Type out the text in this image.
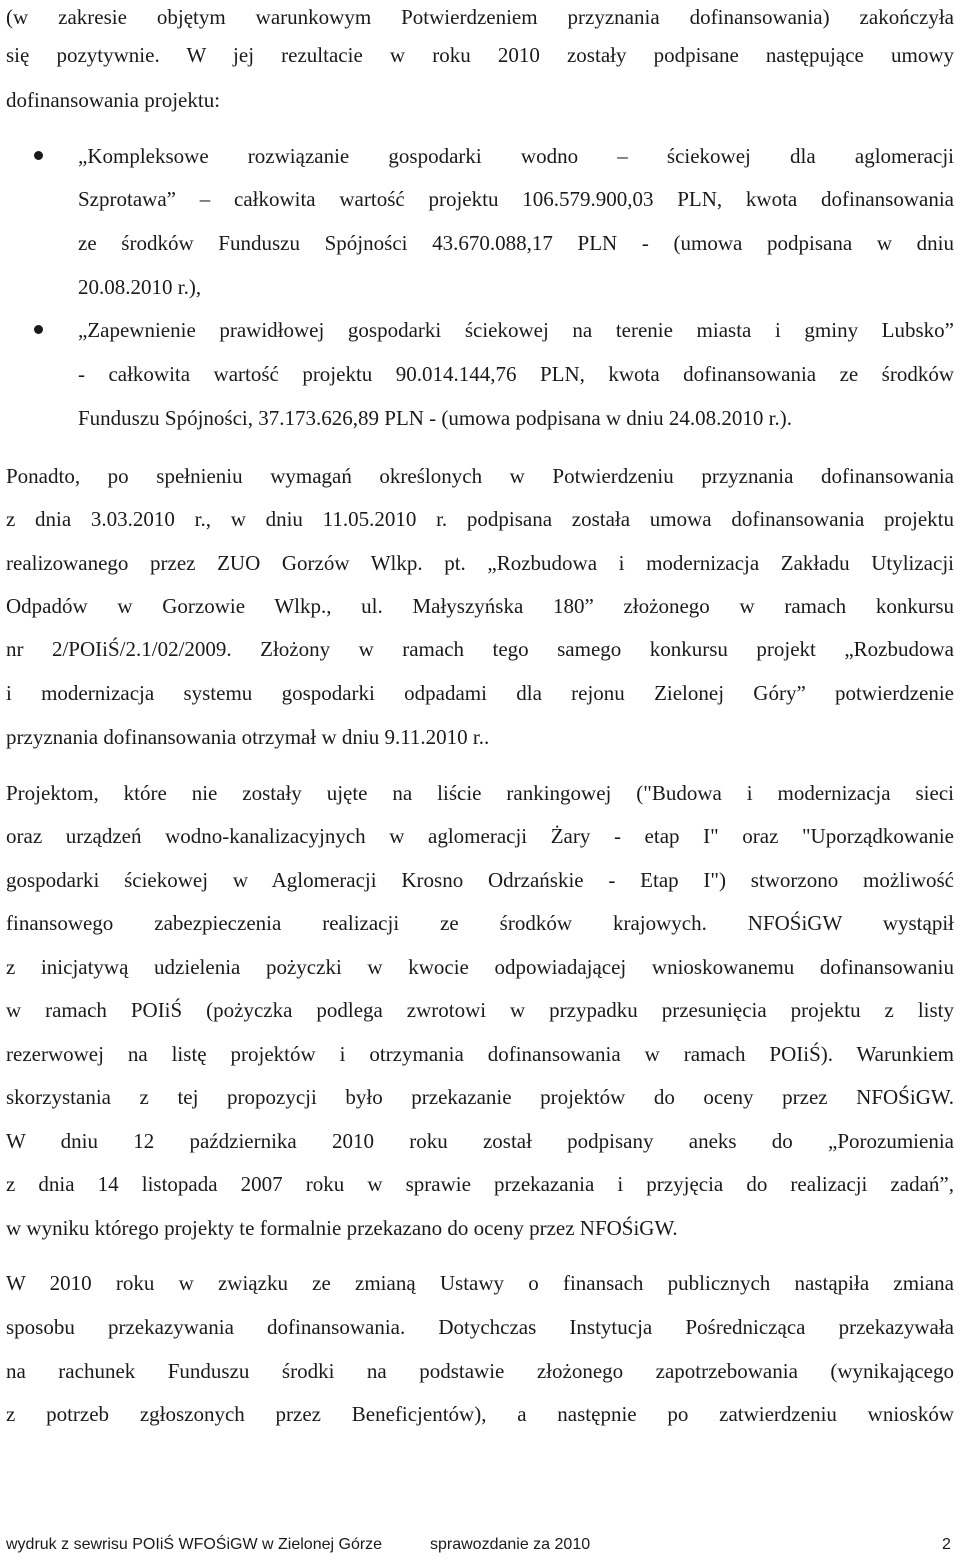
(w zakresie objętym warunkowym Potwierdzeniem przyznania dofinansowania) zakończyła
się pozytywnie. W jej rezultacie w roku 2010 zostały podpisane następujące umowy
dofinansowania projektu:
„Kompleksowe rozwiązanie gospodarki wodno – ściekowej dla aglomeracji
Szprotawa” – całkowita wartość projektu 106.579.900,03 PLN, kwota dofinansowania
ze środków Funduszu Spójności 43.670.088,17 PLN - (umowa podpisana w dniu
20.08.2010 r.),
„Zapewnienie prawidłowej gospodarki ściekowej na terenie miasta i gminy Lubsko”
- całkowita wartość projektu 90.014.144,76 PLN, kwota dofinansowania ze środków
Funduszu Spójności, 37.173.626,89 PLN - (umowa podpisana w dniu 24.08.2010 r.).
Ponadto, po spełnieniu wymagań określonych w Potwierdzeniu przyznania dofinansowania
z dnia 3.03.2010 r., w dniu 11.05.2010 r. podpisana została umowa dofinansowania projektu
realizowanego przez ZUO Gorzów Wlkp. pt. „Rozbudowa i modernizacja Zakładu Utylizacji
Odpadów w Gorzowie Wlkp., ul. Małyszyńska 180” złożonego w ramach konkursu
nr 2/POIiŚ/2.1/02/2009. Złożony w ramach tego samego konkursu projekt „Rozbudowa
i modernizacja systemu gospodarki odpadami dla rejonu Zielonej Góry” potwierdzenie
przyznania dofinansowania otrzymał w dniu 9.11.2010 r..
Projektom, które nie zostały ujęte na liście rankingowej ("Budowa i modernizacja sieci
oraz urządzeń wodno-kanalizacyjnych w aglomeracji Żary - etap I" oraz "Uporządkowanie
gospodarki ściekowej w Aglomeracji Krosno Odrzańskie - Etap I") stworzono możliwość
finansowego zabezpieczenia realizacji ze środków krajowych. NFOŚiGW wystąpił
z inicjatywą udzielenia pożyczki w kwocie odpowiadającej wnioskowanemu dofinansowaniu
w ramach POIiŚ (pożyczka podlega zwrotowi w przypadku przesunięcia projektu z listy
rezerwowej na listę projektów i otrzymania dofinansowania w ramach POIiŚ). Warunkiem
skorzystania z tej propozycji było przekazanie projektów do oceny przez NFOŚiGW.
W dniu 12 października 2010 roku został podpisany aneks do „Porozumienia
z dnia 14 listopada 2007 roku w sprawie przekazania i przyjęcia do realizacji zadań”,
w wyniku którego projekty te formalnie przekazano do oceny przez NFOŚiGW.
W 2010 roku w związku ze zmianą Ustawy o finansach publicznych nastąpiła zmiana
sposobu przekazywania dofinansowania. Dotychczas Instytucja Pośrednicząca przekazywała
na rachunek Funduszu środki na podstawie złożonego zapotrzebowania (wynikającego
z potrzeb zgłoszonych przez Beneficjentów), a następnie po zatwierdzeniu wniosków
wydruk z sewrisu POIiŚ WFOŚiGW w Zielonej Górze	sprawozdanie za 2010	2
